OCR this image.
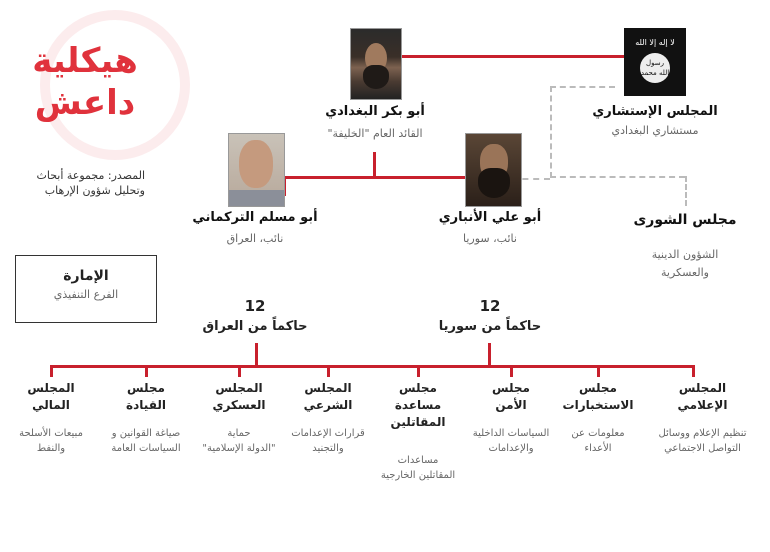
هيكلية
داعش
المصدر: مجموعة أبحاث وتحليل شؤون الإرهاب
لا إله إلا الله
رسول الله محمد
المجلس الإستشاري
مستشاري البغدادي
أبو بكر البغدادي
القائد العام "الخليفة"
أبو مسلم التركماني
نائب، العراق
أبو علي الأنباري
نائب، سوريا
مجلس الشورى
الشؤون الدينية
والعسكرية
الإمارة
الفرع التنفيذي
12
حاكماً من العراق
12
حاكماً من سوريا
المجلس
المالي
مبيعات الأسلحة
والنفط
مجلس
القيادة
صياغة القوانين و
السياسات العامة
المجلس
العسكري
حماية
"الدولة الإسلامية"
المجلس
الشرعي
قرارات الإعدامات
والتجنيد
مجلس
مساعدة المقاتلين
مساعدات
المقاتلين الخارجية
مجلس
الأمن
السياسات الداخلية
والإعدامات
مجلس
الاستخبارات
معلومات عن
الأعداء
المجلس
الإعلامي
تنظيم الإعلام ووسائل
التواصل الاجتماعي
